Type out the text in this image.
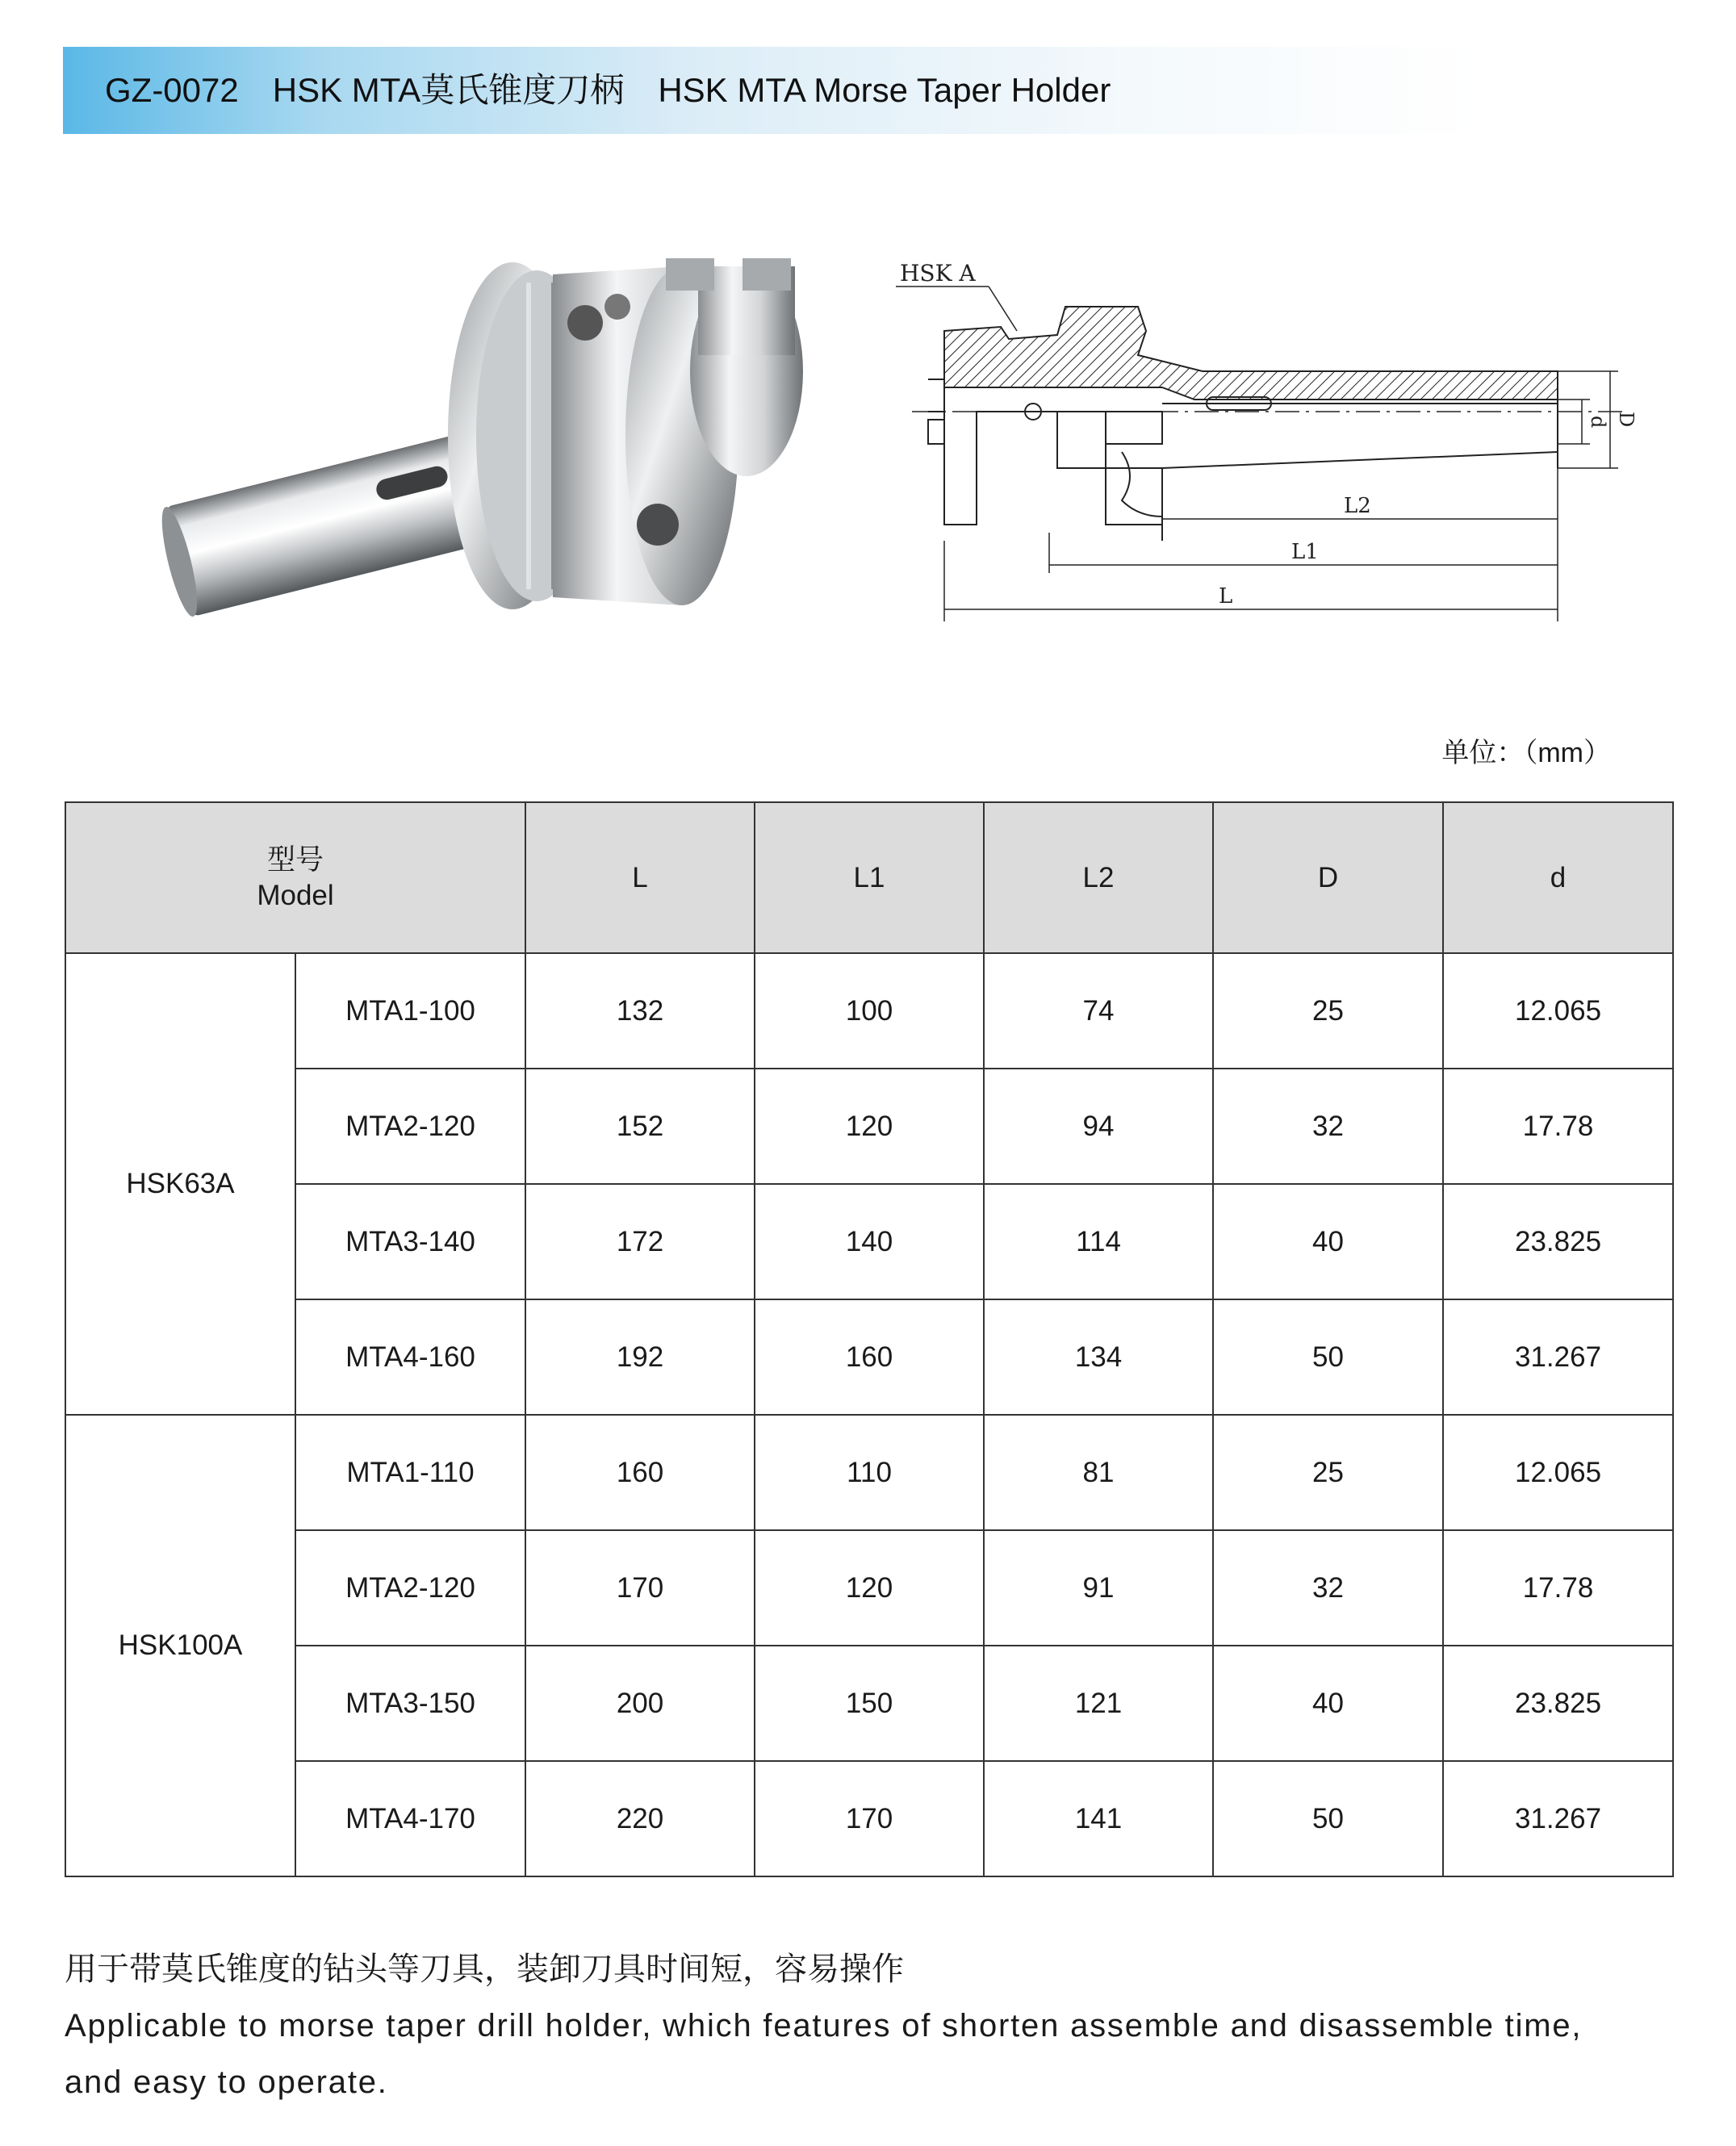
GZ-0072 HSK MTA莫氏锥度刀柄 HSK MTA Morse Taper Holder
HSK A
d D
L2
L1
L
单位：（mm）
型号
Model		L	L1	L2	D	d
HSK63A	MTA1-100	132	100	74	25	12.065
	MTA2-120	152	120	94	32	17.78
	MTA3-140	172	140	114	40	23.825
	MTA4-160	192	160	134	50	31.267
HSK100A	MTA1-110	160	110	81	25	12.065
	MTA2-120	170	120	91	32	17.78
	MTA3-150	200	150	121	40	23.825
	MTA4-170	220	170	141	50	31.267
用于带莫氏锥度的钻头等刀具，装卸刀具时间短，容易操作
Applicable to morse taper drill holder, which features of shorten assemble and disassemble time, and easy to operate.
